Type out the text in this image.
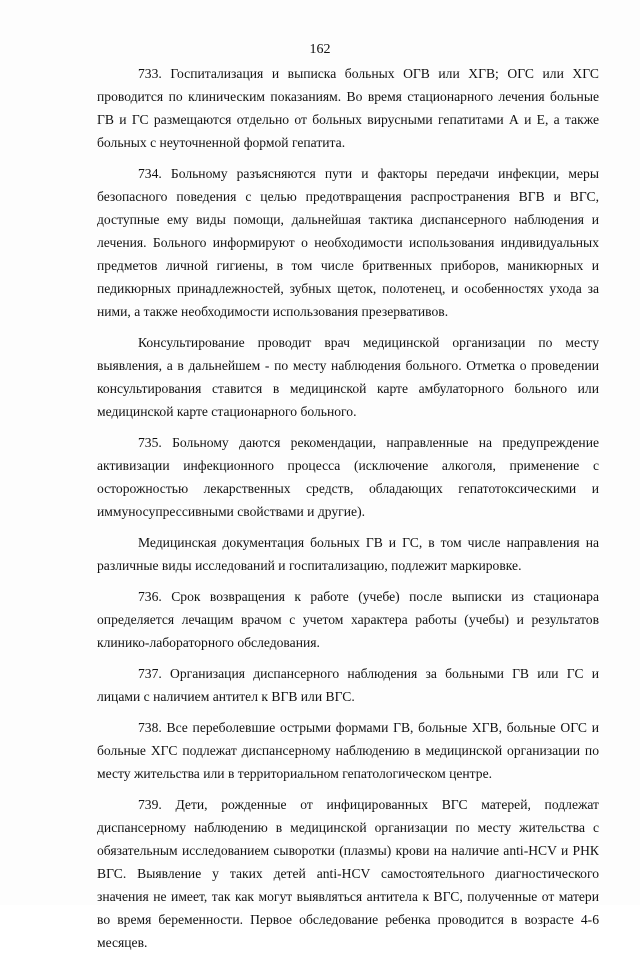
162

733. Госпитализация и выписка больных ОГВ или ХГВ; ОГС или ХГС проводится по клиническим показаниям. Во время стационарного лечения больные ГВ и ГС размещаются отдельно от больных вирусными гепатитами А и Е, а также больных с неуточненной формой гепатита.

734. Больному разъясняются пути и факторы передачи инфекции, меры безопасного поведения с целью предотвращения распространения ВГВ и ВГС, доступные ему виды помощи, дальнейшая тактика диспансерного наблюдения и лечения. Больного информируют о необходимости использования индивидуальных предметов личной гигиены, в том числе бритвенных приборов, маникюрных и педикюрных принадлежностей, зубных щеток, полотенец, и особенностях ухода за ними, а также необходимости использования презервативов.

Консультирование проводит врач медицинской организации по месту выявления, а в дальнейшем - по месту наблюдения больного. Отметка о проведении консультирования ставится в медицинской карте амбулаторного больного или медицинской карте стационарного больного.

735. Больному даются рекомендации, направленные на предупреждение активизации инфекционного процесса (исключение алкоголя, применение с осторожностью лекарственных средств, обладающих гепатотоксическими и иммуносупрессивными свойствами и другие).

Медицинская документация больных ГВ и ГС, в том числе направления на различные виды исследований и госпитализацию, подлежит маркировке.

736. Срок возвращения к работе (учебе) после выписки из стационара определяется лечащим врачом с учетом характера работы (учебы) и результатов клинико-лабораторного обследования.

737. Организация диспансерного наблюдения за больными ГВ или ГС и лицами с наличием антител к ВГВ или ВГС.

738. Все переболевшие острыми формами ГВ, больные ХГВ, больные ОГС и больные ХГС подлежат диспансерному наблюдению в медицинской организации по месту жительства или в территориальном гепатологическом центре.

739. Дети, рожденные от инфицированных ВГС матерей, подлежат диспансерному наблюдению в медицинской организации по месту жительства с обязательным исследованием сыворотки (плазмы) крови на наличие anti-HCV и РНК ВГС. Выявление у таких детей anti-HCV самостоятельного диагностического значения не имеет, так как могут выявляться антитела к ВГС, полученные от матери во время беременности. Первое обследование ребенка проводится в возрасте 4-6 месяцев.
